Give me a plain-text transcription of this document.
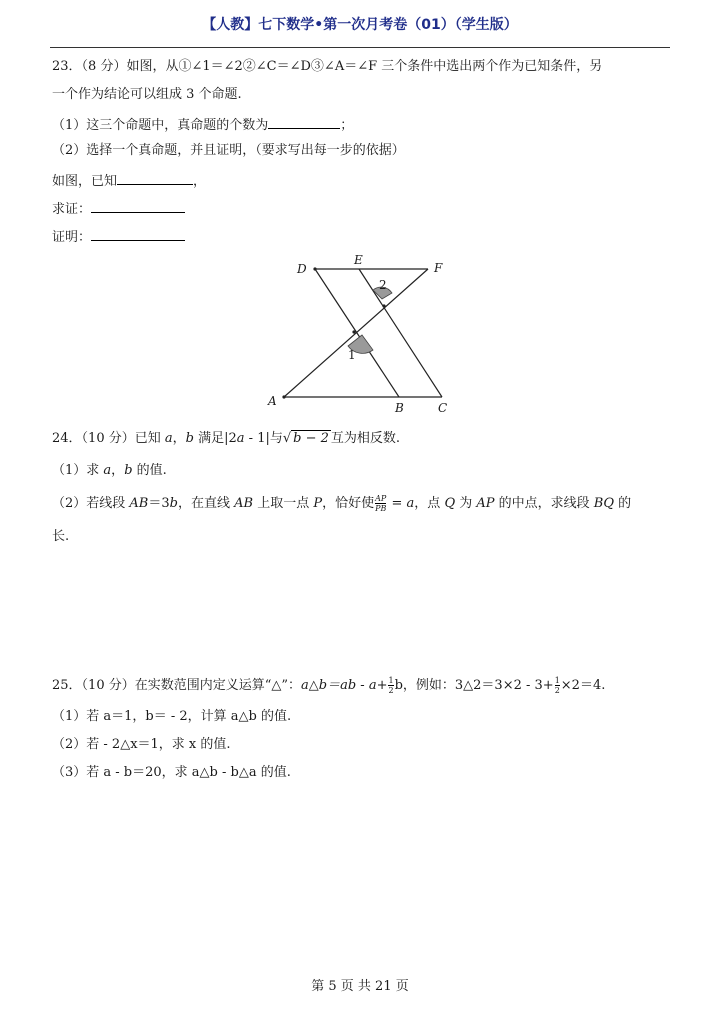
【人教】七下数学•第一次月考卷（01）（学生版）
23．（8 分）如图，从①∠1＝∠2②∠C＝∠D③∠A＝∠F 三个条件中选出两个作为已知条件，另
一个作为结论可以组成 3 个命题.
（1）这三个命题中，真命题的个数为	；
（2）选择一个真命题，并且证明，（要求写出每一步的依据）
如图，已知	，
求证：
证明：
D
E
F
A	B	C
1
2
24．（10 分）已知 a，b 满足|2a - 1|与√ b − 2 互为相反数.
（1）求 a，b 的值.
（2）若线段 AB＝3b，在直线 AB 上取一点 P，恰好使 $\frac{AP}{PB} = a$，点 Q 为 AP 的中点，求线段 BQ 的
长.
25．（10 分）在实数范围内定义运算“△”：a△b＝ab - $a+ \frac{1}{2}$ b，例如：3△2＝3×2 - $3+ \frac{1}{2} \times 2=4$.
（1）若 a＝1，b＝ - 2，计算 a△b 的值.
（2）若 - 2△x＝1，求 x 的值.
（3）若 a - b＝20，求 a△b - b△a 的值.
第 5 页 共 21 页
